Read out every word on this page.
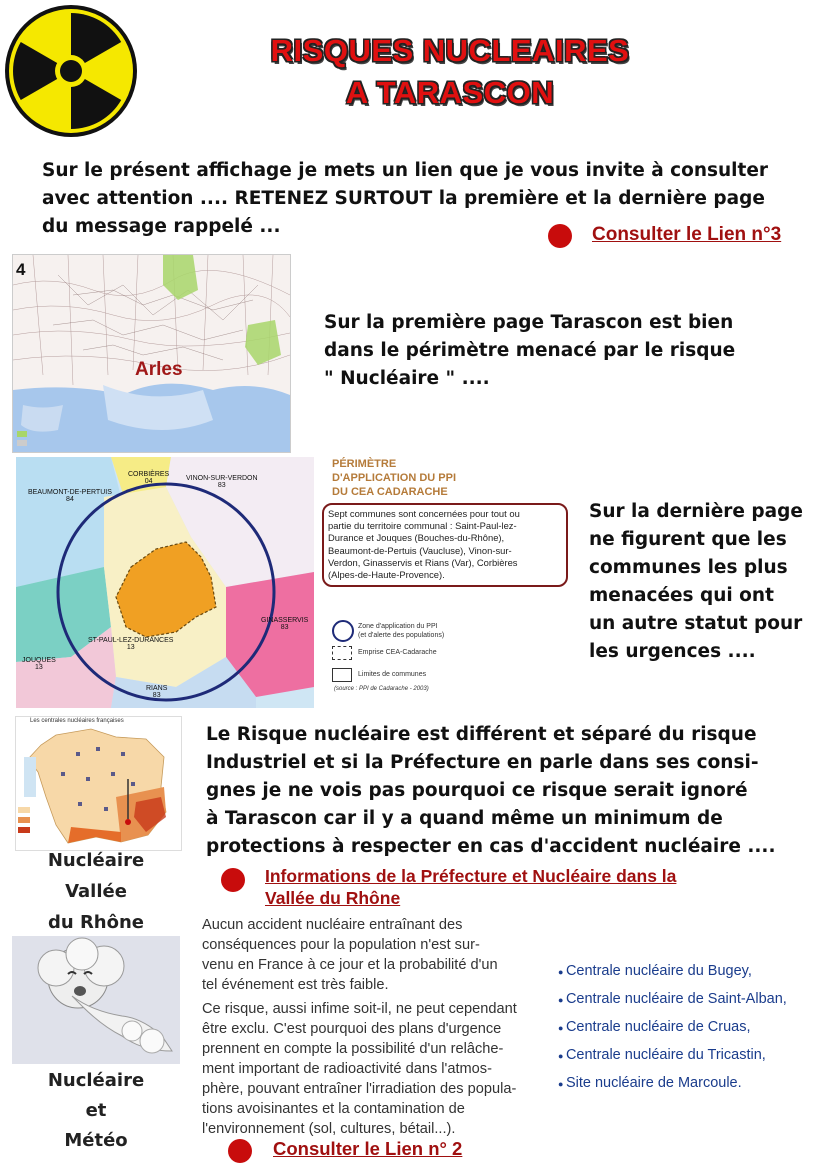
RISQUES NUCLEAIRES
A TARASCON
Sur le présent affichage je mets un lien que je vous invite à consulter
avec attention .... RETENEZ SURTOUT la première et la dernière page
du message rappelé ...	Consulter le Lien n°3
4
Arles
Sur la première page Tarascon est bien
dans le périmètre menacé par le risque
" Nucléaire " ....
CORBIÈRES
04	VINON-SUR-VERDON
83
BEAUMONT-DE-PERTUIS
84
ST-PAUL-LEZ-DURANCES
13
GINASSERVIS
83
JOUQUES
13
RIANS
83
PÉRIMÈTRE
D'APPLICATION DU PPI
DU CEA CADARACHE
Sept communes sont concernées pour tout ou
partie du territoire communal : Saint-Paul-lez-
Durance et Jouques (Bouches-du-Rhône),
Beaumont-de-Pertuis (Vaucluse), Vinon-sur-
Verdon, Ginasservis et Rians (Var), Corbières
(Alpes-de-Haute-Provence).
Zone d'application du PPI
(et d'alerte des populations)
Emprise CEA-Cadarache
Limites de communes
(source : PPI de Cadarache - 2003)
Sur la dernière page
ne figurent que les
communes les plus
menacées qui ont
un autre statut pour
les urgences ....
Les centrales nucléaires françaises
Le Risque nucléaire est différent et séparé du risque
Industriel et si la Préfecture en parle dans ses consi-
gnes je ne vois pas pourquoi ce risque serait ignoré
à Tarascon car il y a quand même un minimum de
protections à respecter en cas d'accident nucléaire ....
Nucléaire
Vallée
du Rhône
Informations de la Préfecture et Nucléaire dans la
Vallée du Rhône
Aucun accident nucléaire entraînant des
conséquences pour la population n'est sur-
venu en France à ce jour et la probabilité d'un
tel événement est très faible.
Ce risque, aussi infime soit-il, ne peut cependant
être exclu. C'est pourquoi des plans d'urgence
prennent en compte la possibilité d'un relâche-
ment important de radioactivité dans l'atmos-
phère, pouvant entraîner l'irradiation des popula-
tions avoisinantes et la contamination de
l'environnement (sol, cultures, bétail...).
● Centrale nucléaire du Bugey,
● Centrale nucléaire de Saint-Alban,
● Centrale nucléaire de Cruas,
● Centrale nucléaire du Tricastin,
● Site nucléaire de Marcoule.
Nucléaire
et
Météo	Consulter le Lien n° 2
